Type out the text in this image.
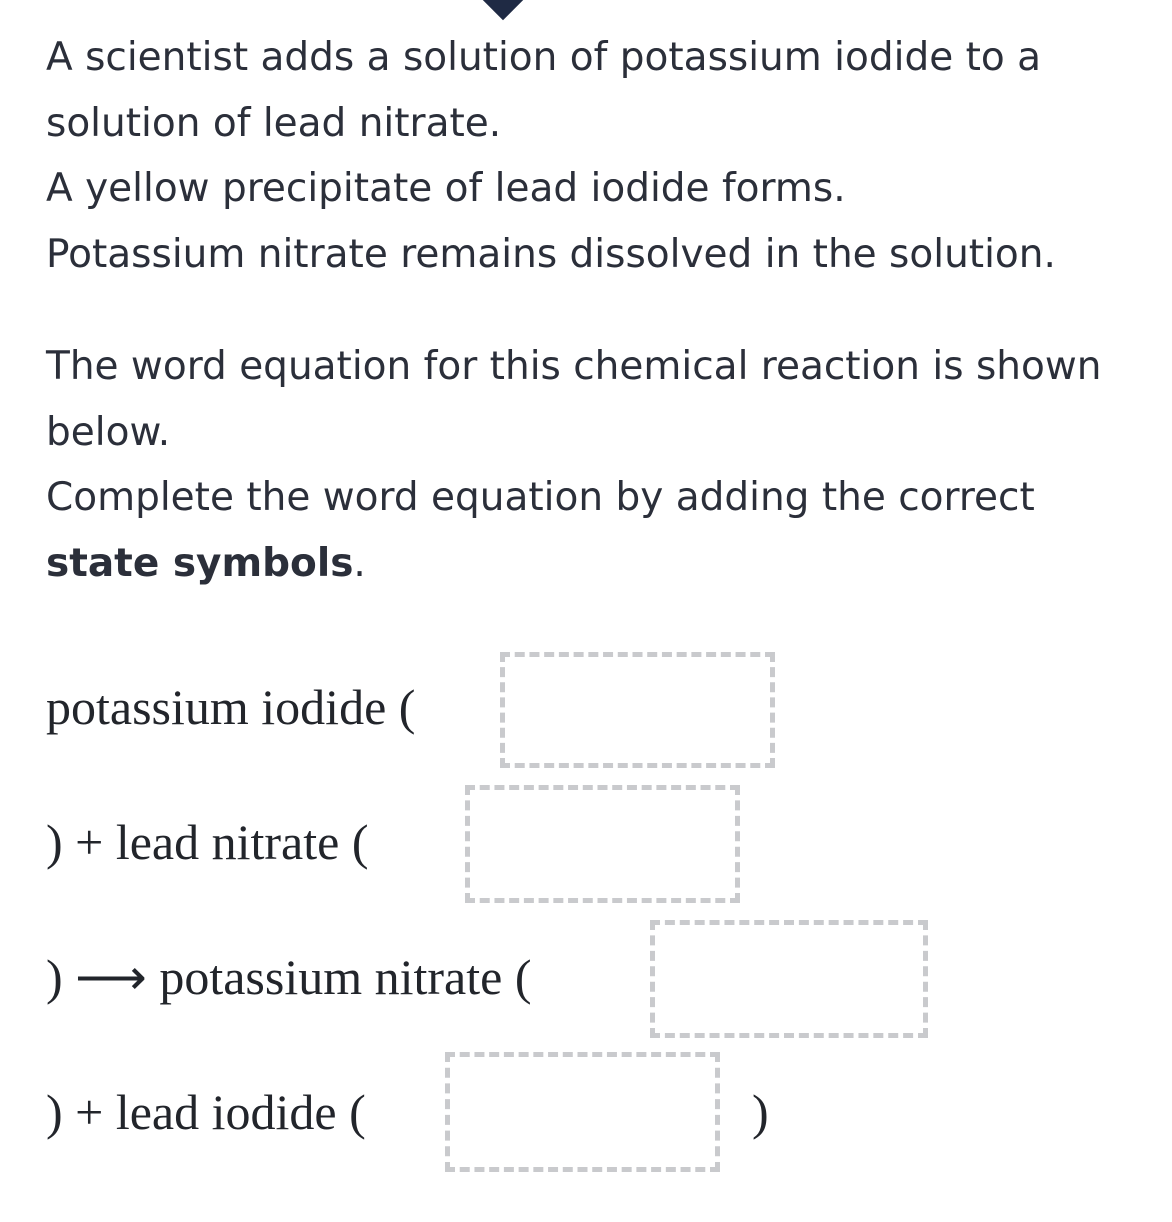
A scientist adds a solution of potassium iodide to a
solution of lead nitrate.
A yellow precipitate of lead iodide forms.
Potassium nitrate remains dissolved in the solution.
The word equation for this chemical reaction is shown
below.
Complete the word equation by adding the correct
state symbols.
potassium iodide (
) + lead nitrate (
) ⟶ potassium nitrate (
) + lead iodide (	)
